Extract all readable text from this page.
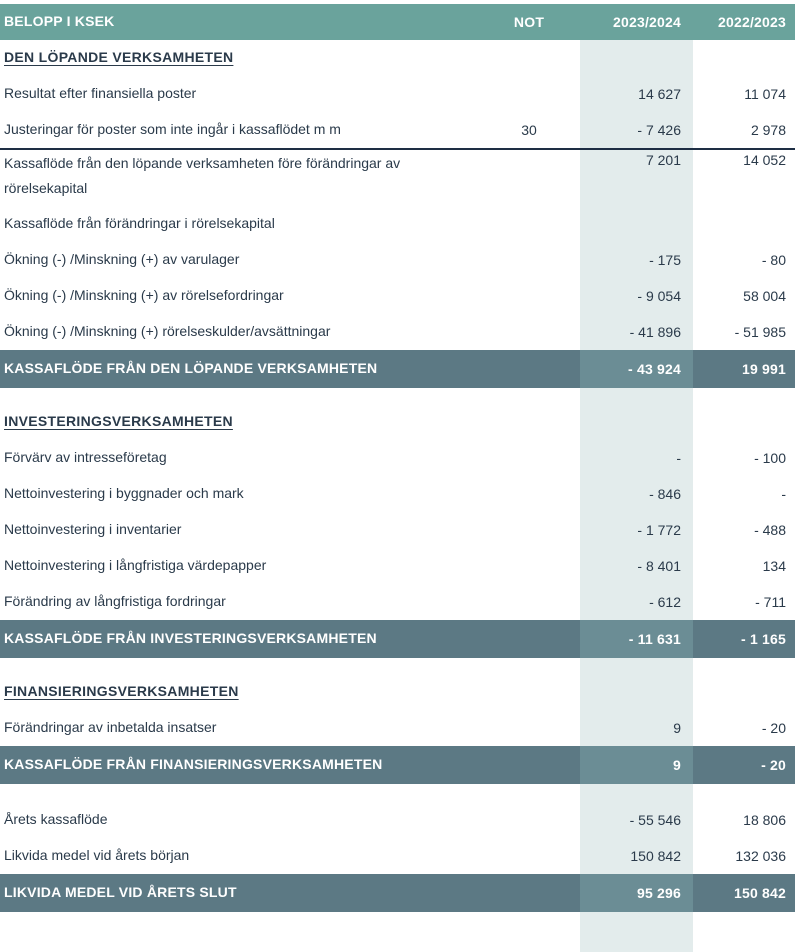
BELOPP I KSEK	NOT	2023/2024	2022/2023
DEN LÖPANDE VERKSAMHETEN
Resultat efter finansiella poster	14 627	11 074
Justeringar för poster som inte ingår i kassaflödet m m	30	- 7 426	2 978
Kassaflöde från den löpande verksamheten före förändringar av rörelsekapital
7 201	14 052
Kassaflöde från förändringar i rörelsekapital
Ökning (-) /Minskning (+) av varulager	- 175	- 80
Ökning (-) /Minskning (+) av rörelsefordringar	- 9 054	58 004
Ökning (-) /Minskning (+) rörelseskulder/avsättningar	- 41 896	- 51 985
KASSAFLÖDE FRÅN DEN LÖPANDE VERKSAMHETEN	- 43 924	19 991
INVESTERINGSVERKSAMHETEN
Förvärv av intresseföretag	-	- 100
Nettoinvestering i byggnader och mark	- 846	-
Nettoinvestering i inventarier	- 1 772	- 488
Nettoinvestering i långfristiga värdepapper	- 8 401	134
Förändring av långfristiga fordringar	- 612	- 711
KASSAFLÖDE FRÅN INVESTERINGSVERKSAMHETEN	- 11 631	- 1 165
FINANSIERINGSVERKSAMHETEN
Förändringar av inbetalda insatser	9	- 20
KASSAFLÖDE FRÅN FINANSIERINGSVERKSAMHETEN	9	- 20
Årets kassaflöde	- 55 546	18 806
Likvida medel vid årets början	150 842	132 036
LIKVIDA MEDEL VID ÅRETS SLUT	95 296	150 842
